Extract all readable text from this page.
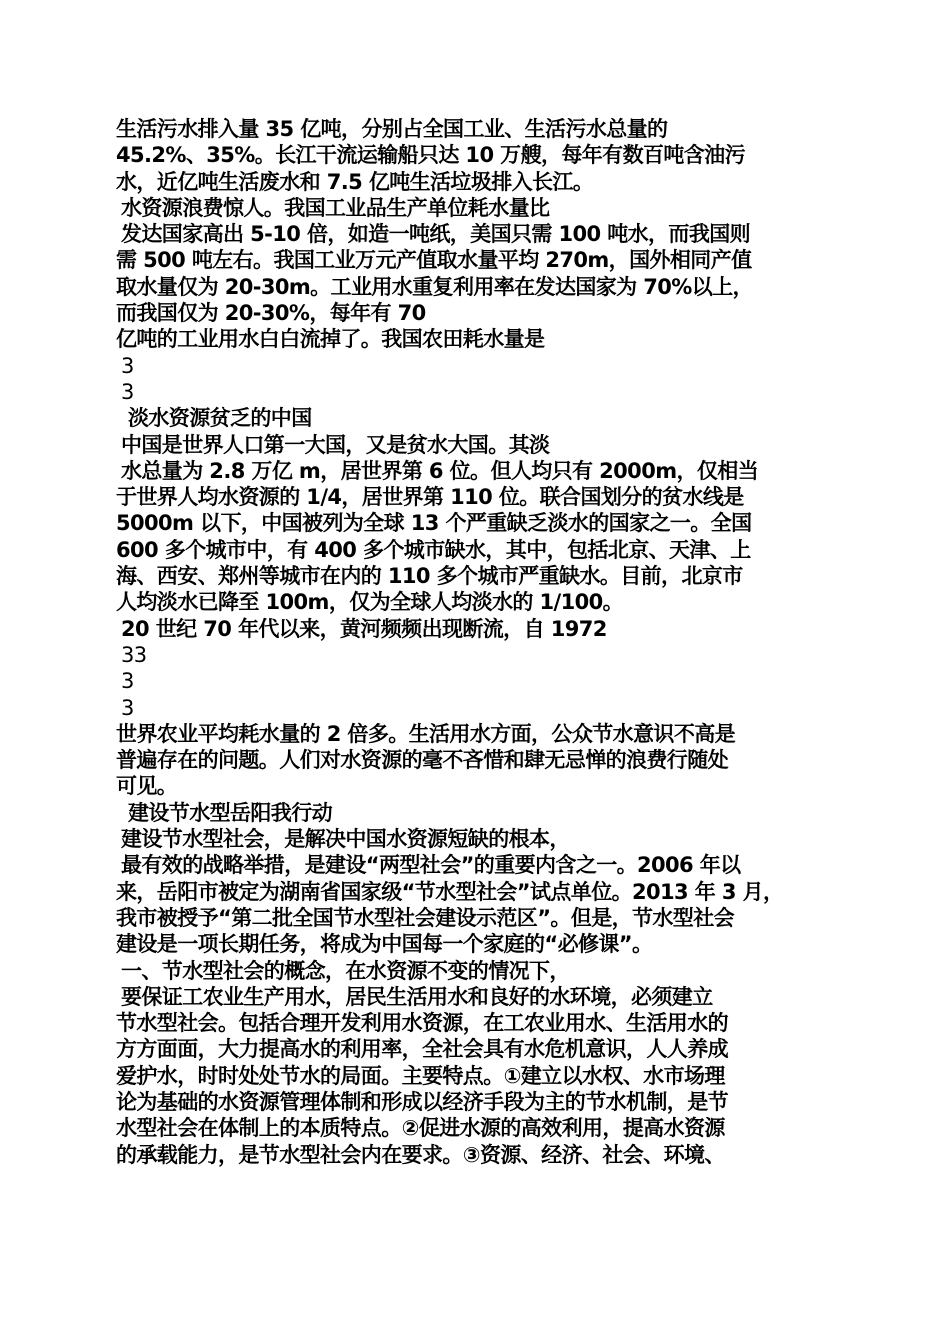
生活污水排入量 35 亿吨，分别占全国工业、生活污水总量的
45.2%、35%。长江干流运输船只达 10 万艘，每年有数百吨含油污
水，近亿吨生活废水和 7.5 亿吨生活垃圾排入长江。
水资源浪费惊人。我国工业品生产单位耗水量比
发达国家高出 5-10 倍，如造一吨纸，美国只需 100 吨水，而我国则
需 500 吨左右。我国工业万元产值取水量平均 270m，国外相同产值
取水量仅为 20-30m。工业用水重复利用率在发达国家为 70%以上，
而我国仅为 20-30%，每年有 70
亿吨的工业用水白白流掉了。我国农田耗水量是
3
3
淡水资源贫乏的中国
中国是世界人口第一大国，又是贫水大国。其淡
水总量为 2.8 万亿 m，居世界第 6 位。但人均只有 2000m，仅相当
于世界人均水资源的 1/4，居世界第 110 位。联合国划分的贫水线是
5000m 以下，中国被列为全球 13 个严重缺乏淡水的国家之一。全国
600 多个城市中，有 400 多个城市缺水，其中，包括北京、天津、上
海、西安、郑州等城市在内的 110 多个城市严重缺水。目前，北京市
人均淡水已降至 100m，仅为全球人均淡水的 1/100。
20 世纪 70 年代以来，黄河频频出现断流，自 1972
33
3
3
世界农业平均耗水量的 2 倍多。生活用水方面，公众节水意识不高是
普遍存在的问题。人们对水资源的毫不吝惜和肆无忌惮的浪费行随处
可见。
建设节水型岳阳我行动
建设节水型社会，是解决中国水资源短缺的根本，
最有效的战略举措，是建设“两型社会”的重要内含之一。2006 年以
来，岳阳市被定为湖南省国家级“节水型社会”试点单位。2013 年 3 月，
我市被授予“第二批全国节水型社会建设示范区”。但是，节水型社会
建设是一项长期任务，将成为中国每一个家庭的“必修课”。
一、节水型社会的概念，在水资源不变的情况下，
要保证工农业生产用水，居民生活用水和良好的水环境，必须建立
节水型社会。包括合理开发利用水资源，在工农业用水、生活用水的
方方面面，大力提高水的利用率，全社会具有水危机意识，人人养成
爱护水，时时处处节水的局面。主要特点。①建立以水权、水市场理
论为基础的水资源管理体制和形成以经济手段为主的节水机制，是节
水型社会在体制上的本质特点。②促进水源的高效利用，提高水资源
的承载能力，是节水型社会内在要求。③资源、经济、社会、环境、
